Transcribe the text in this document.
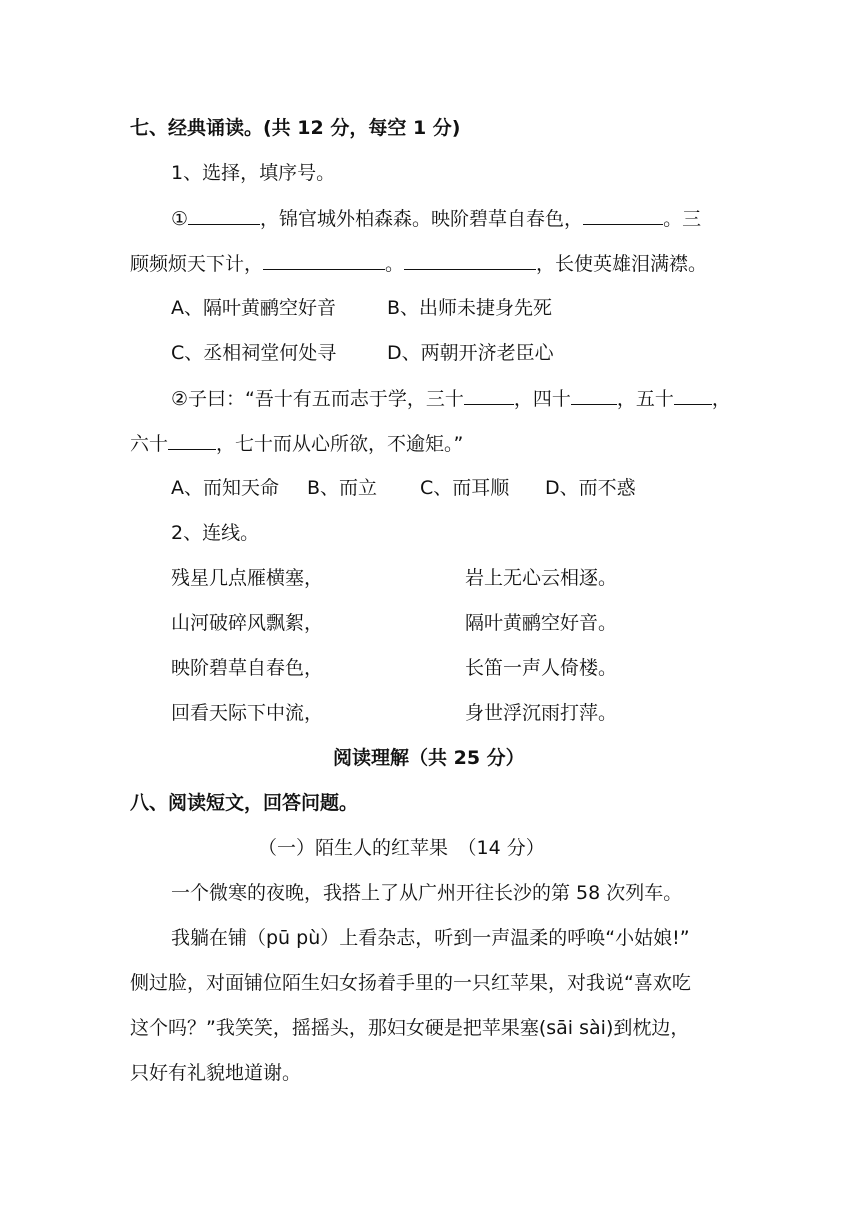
七、经典诵读。(共 12 分，每空 1 分)
1、选择，填序号。
①	，锦官城外柏森森。映阶碧草自春色，	。三
顾频烦天下计，	。	，长使英雄泪满襟。
A、隔叶黄鹂空好音	B、出师未捷身先死
C、丞相祠堂何处寻	D、两朝开济老臣心
②子曰：“吾十有五而志于学，三十	，四十 ，五十 ，
六十	，七十而从心所欲，不逾矩。”
A、而知天命 B、而立 C、而耳顺 D、而不惑
2、连线。
残星几点雁横塞，	岩上无心云相逐。
山河破碎风飘絮，	隔叶黄鹂空好音。
映阶碧草自春色，	长笛一声人倚楼。
回看天际下中流，	身世浮沉雨打萍。
阅读理解（共 25 分）
八、阅读短文，回答问题。
（一）陌生人的红苹果　（14 分）
一个微寒的夜晚，我搭上了从广州开往长沙的第 58 次列车。
我躺在铺（pū pù）上看杂志，听到一声温柔的呼唤“小姑娘!”
侧过脸，对面铺位陌生妇女扬着手里的一只红苹果，对我说“喜欢吃
这个吗？”我笑笑，摇摇头，那妇女硬是把苹果塞(sāi sài)到枕边，
只好有礼貌地道谢。
